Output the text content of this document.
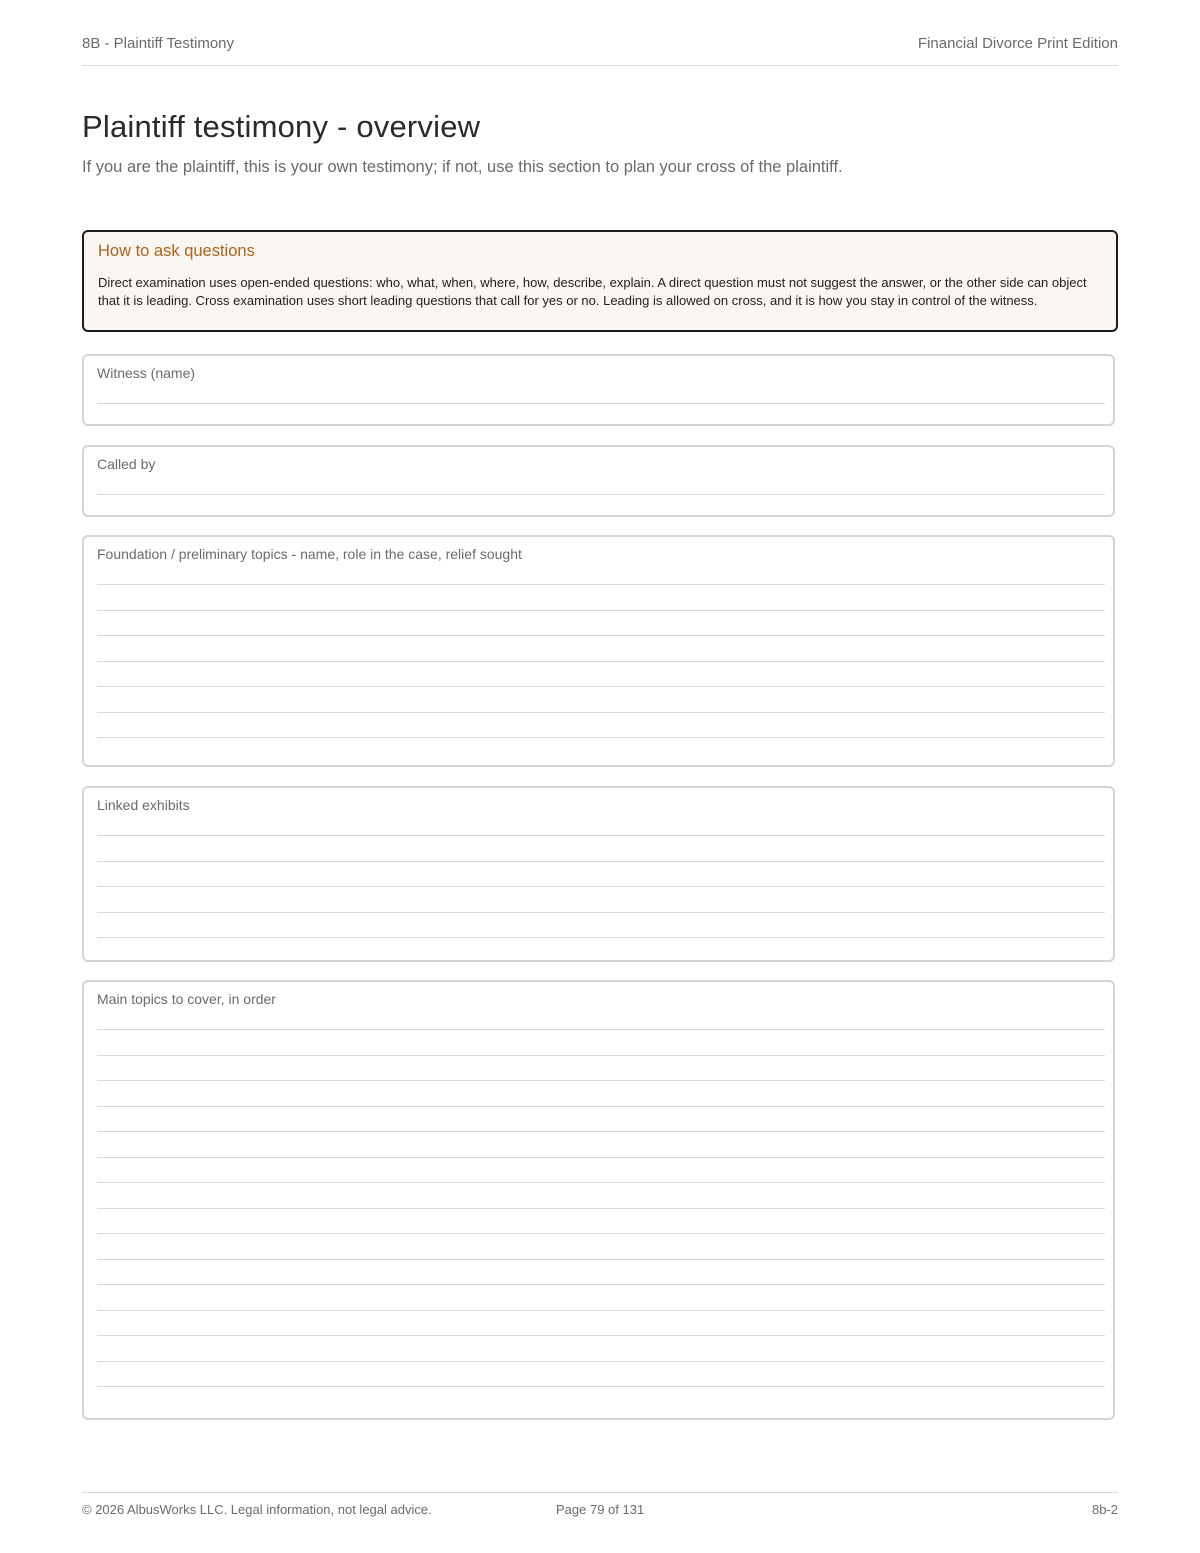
8B - Plaintiff Testimony	Financial Divorce Print Edition
Plaintiff testimony - overview
If you are the plaintiff, this is your own testimony; if not, use this section to plan your cross of the plaintiff.
How to ask questions
Direct examination uses open-ended questions: who, what, when, where, how, describe, explain. A direct question must not suggest the answer, or the other side can object that it is leading. Cross examination uses short leading questions that call for yes or no. Leading is allowed on cross, and it is how you stay in control of the witness.
Witness (name)
Called by
Foundation / preliminary topics - name, role in the case, relief sought
Linked exhibits
Main topics to cover, in order
© 2026 AlbusWorks LLC. Legal information, not legal advice.	Page 79 of 131	8b-2
